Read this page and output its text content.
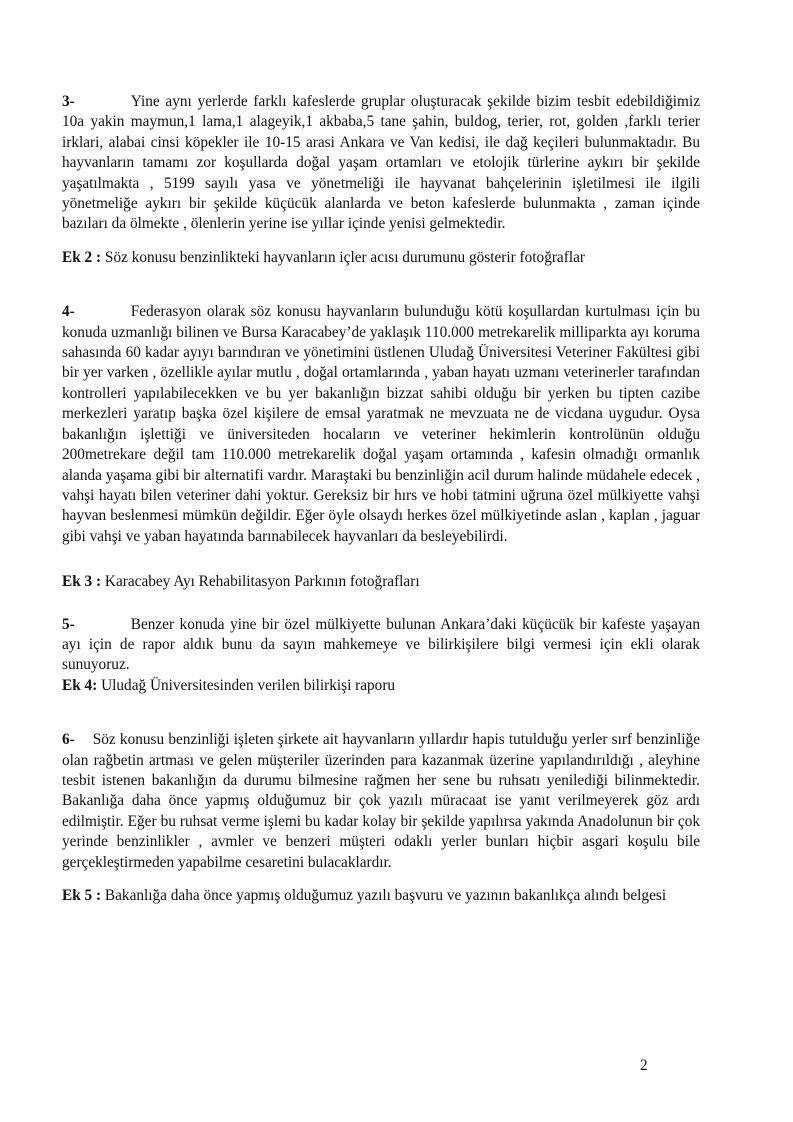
3-	Yine aynı yerlerde farklı kafeslerde gruplar oluşturacak şekilde bizim tesbit edebildiğimiz 10a yakin maymun,1 lama,1 alageyik,1 akbaba,5 tane şahin, buldog, terier, rot, golden ,farklı terier irklari, alabai cinsi köpekler ile 10-15 arasi Ankara ve Van kedisi, ile dağ keçileri bulunmaktadır. Bu hayvanların tamamı zor koşullarda doğal yaşam ortamları ve etolojik türlerine aykırı bir şekilde yaşatılmakta , 5199 sayılı yasa ve yönetmeliği ile hayvanat bahçelerinin işletilmesi ile ilgili yönetmeliğe aykırı bir şekilde küçücük alanlarda ve beton kafeslerde bulunmakta , zaman içinde bazıları da ölmekte , ölenlerin yerine ise yıllar içinde yenisi gelmektedir.

Ek 2 : Söz konusu benzinlikteki hayvanların içler acısı durumunu gösterir fotoğraflar

4-	Federasyon olarak söz konusu hayvanların bulunduğu kötü koşullardan kurtulması için bu konuda uzmanlığı bilinen ve Bursa Karacabey’de yaklaşık 110.000 metrekarelik milliparkta ayı koruma sahasında 60 kadar ayıyı barındıran ve yönetimini üstlenen Uludağ Üniversitesi Veteriner Fakültesi gibi bir yer varken , özellikle ayılar mutlu , doğal ortamlarında , yaban hayatı uzmanı veterinerler tarafından kontrolleri yapılabilecekken ve bu yer bakanlığın bizzat sahibi olduğu bir yerken bu tipten cazibe merkezleri yaratıp başka özel kişilere de emsal yaratmak ne mevzuata ne de vicdana uygudur. Oysa bakanlığın işlettiği ve üniversiteden hocaların ve veteriner hekimlerin kontrolünün olduğu 200metrekare değil tam 110.000 metrekarelik doğal yaşam ortamında , kafesin olmadığı ormanlık alanda yaşama gibi bir alternatifi vardır. Maraştaki bu benzinliğin acil durum halinde müdahele edecek , vahşi hayatı bilen veteriner dahi yoktur. Gereksiz bir hırs ve hobi tatmini uğruna özel mülkiyette vahşi hayvan beslenmesi mümkün değildir. Eğer öyle olsaydı herkes özel mülkiyetinde aslan , kaplan , jaguar gibi vahşi ve yaban hayatında barınabilecek hayvanları da besleyebilirdi.

Ek 3 : Karacabey Ayı Rehabilitasyon Parkının fotoğrafları

5-	Benzer konuda yine bir özel mülkiyette bulunan Ankara’daki küçücük bir kafeste yaşayan ayı için de rapor aldık bunu da sayın mahkemeye ve bilirkişilere bilgi vermesi için ekli olarak sunuyoruz.

Ek 4: Uludağ Üniversitesinden verilen bilirkişi raporu

6- Söz konusu benzinliği işleten şirkete ait hayvanların yıllardır hapis tutulduğu yerler sırf benzinliğe olan rağbetin artması ve gelen müşteriler üzerinden para kazanmak üzerine yapılandırıldığı , aleyhine tesbit istenen bakanlığın da durumu bilmesine rağmen her sene bu ruhsatı yenilediği bilinmektedir. Bakanlığa daha önce yapmış olduğumuz bir çok yazılı müracaat ise yanıt verilmeyerek göz ardı edilmiştir. Eğer bu ruhsat verme işlemi bu kadar kolay bir şekilde yapılırsa yakında Anadolunun bir çok yerinde benzinlikler , avmler ve benzeri müşteri odaklı yerler bunları hiçbir asgari koşulu bile gerçekleştirmeden yapabilme cesaretini bulacaklardır.

Ek 5 : Bakanlığa daha önce yapmış olduğumuz yazılı başvuru ve yazının bakanlıkça alındı belgesi

2
